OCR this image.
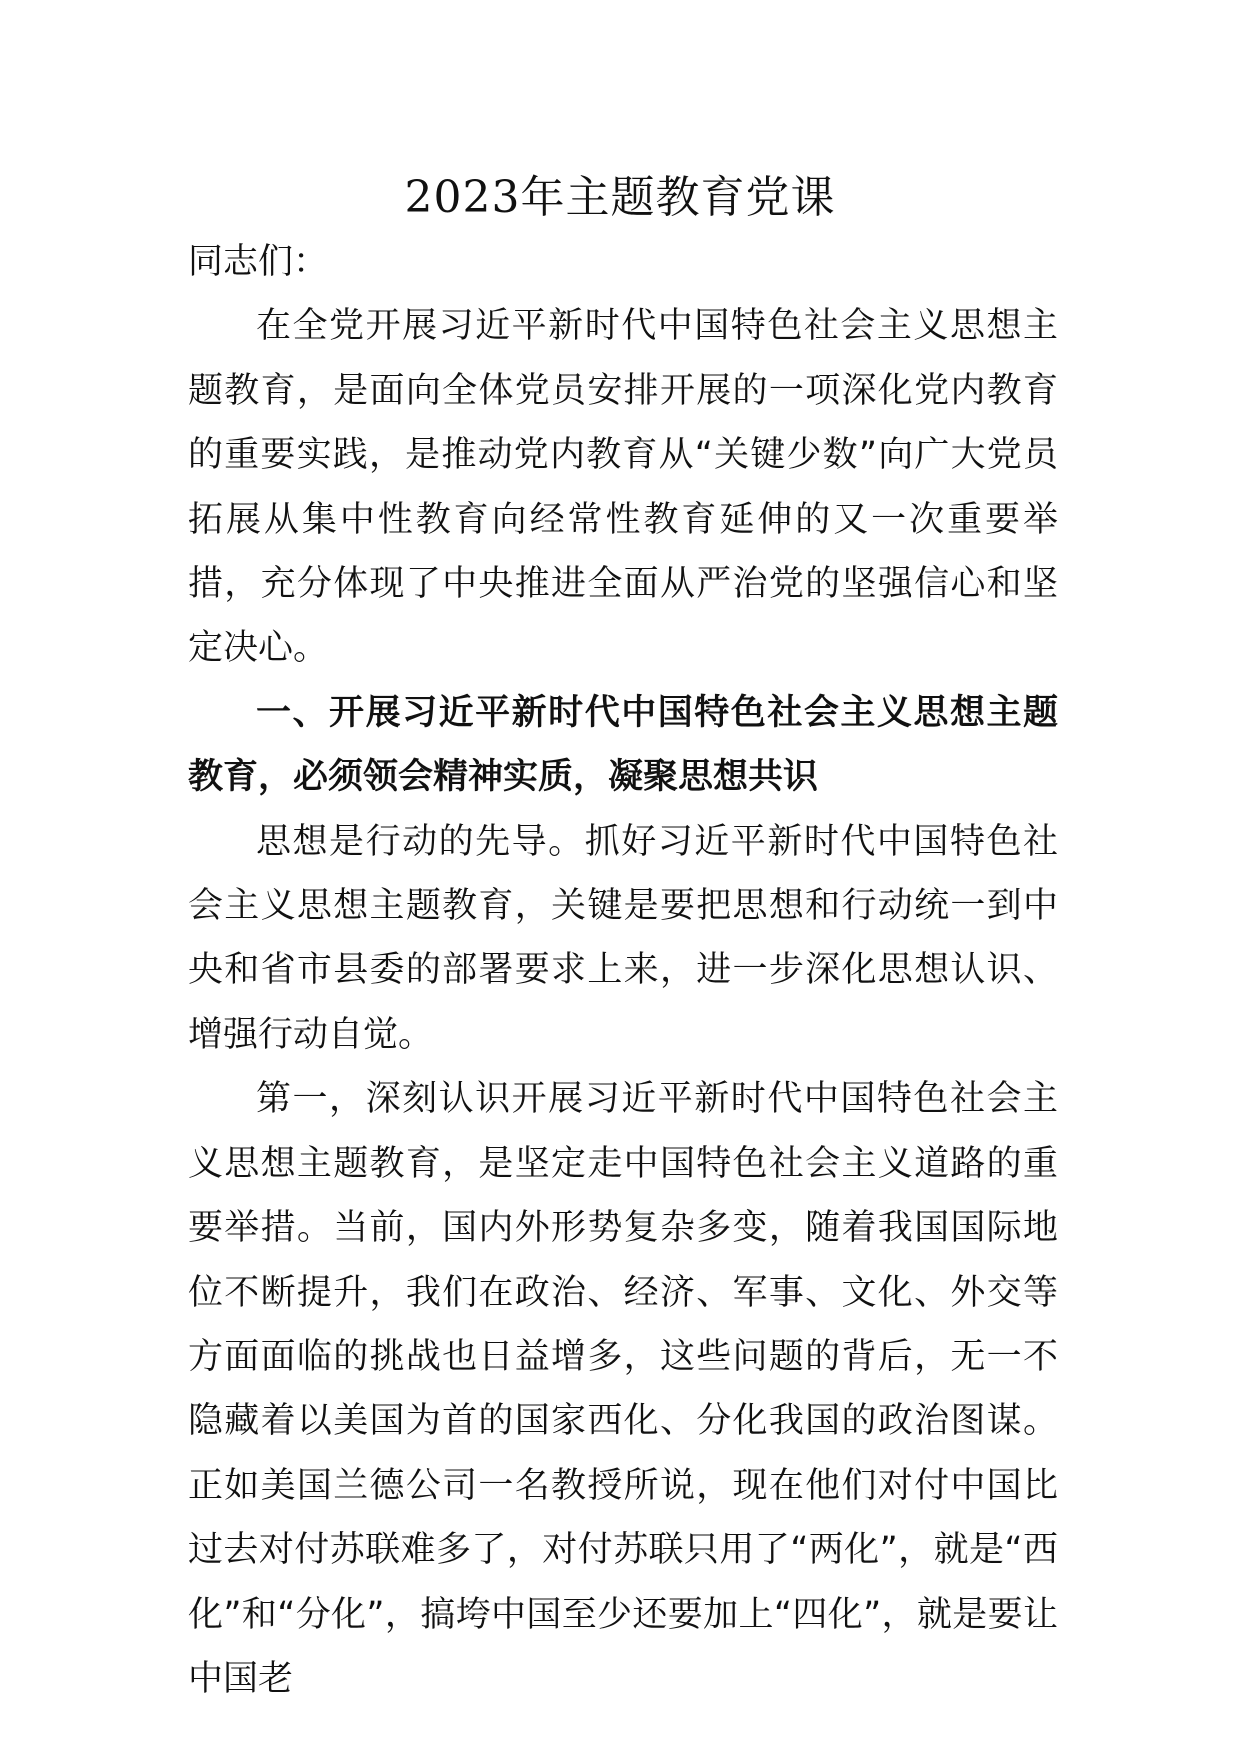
2023年主题教育党课

同志们：

在全党开展习近平新时代中国特色社会主义思想主题教育，是面向全体党员安排开展的一项深化党内教育的重要实践，是推动党内教育从“关键少数”向广大党员拓展从集中性教育向经常性教育延伸的又一次重要举措，充分体现了中央推进全面从严治党的坚强信心和坚定决心。

一、开展习近平新时代中国特色社会主义思想主题教育，必须领会精神实质，凝聚思想共识

思想是行动的先导。抓好习近平新时代中国特色社会主义思想主题教育，关键是要把思想和行动统一到中央和省市县委的部署要求上来，进一步深化思想认识、增强行动自觉。

第一，深刻认识开展习近平新时代中国特色社会主义思想主题教育，是坚定走中国特色社会主义道路的重要举措。当前，国内外形势复杂多变，随着我国国际地位不断提升，我们在政治、经济、军事、文化、外交等方面面临的挑战也日益增多，这些问题的背后，无一不隐藏着以美国为首的国家西化、分化我国的政治图谋。正如美国兰德公司一名教授所说，现在他们对付中国比过去对付苏联难多了，对付苏联只用了“两化”，就是“西化”和“分化”，搞垮中国至少还要加上“四化”，就是要让中国老
